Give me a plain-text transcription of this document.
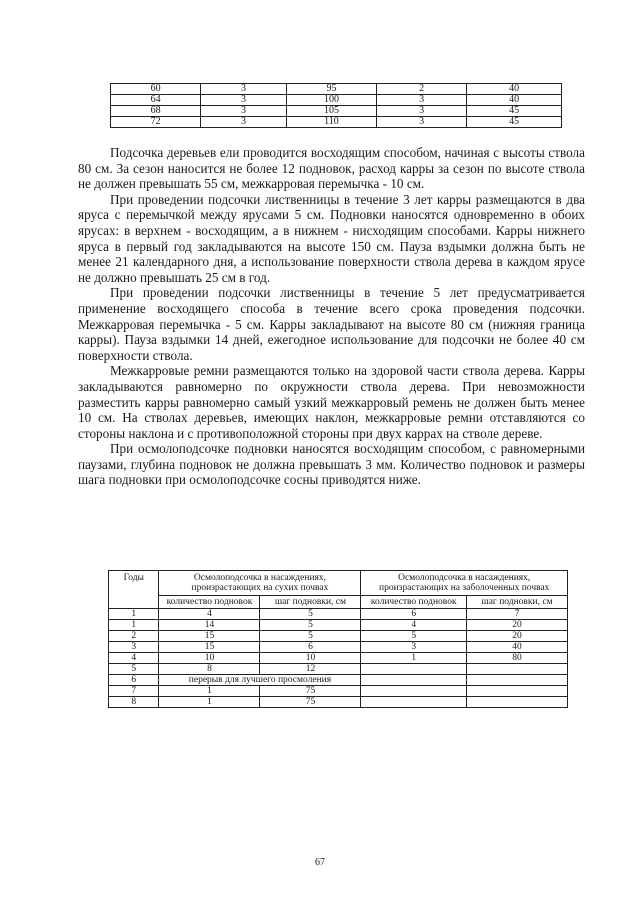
60	3	95	2	40
64	3	100	3	40
68	3	105	3	45
72	3	110	3	45

Подсочка деревьев ели проводится восходящим способом, начиная с высоты ствола 80 см. За сезон наносится не более 12 подновок, расход карры за сезон по высоте ствола не должен превышать 55 см, межкарровая перемычка - 10 см.

При проведении подсочки лиственницы в течение 3 лет карры размещаются в два яруса с перемычкой между ярусами 5 см. Подновки наносятся одновременно в обоих ярусах: в верхнем - восходящим, а в нижнем - нисходящим способами. Карры нижнего яруса в первый год закладываются на высоте 150 см. Пауза вздымки должна быть не менее 21 календарного дня, а использование поверхности ствола дерева в каждом ярусе не должно превышать 25 см в год.

При проведении подсочки лиственницы в течение 5 лет предусматривается применение восходящего способа в течение всего срока проведения подсочки. Межкарровая перемычка - 5 см. Карры закладывают на высоте 80 см (нижняя граница карры). Пауза вздымки 14 дней, ежегодное использование для подсочки не более 40 см поверхности ствола.

Межкарровые ремни размещаются только на здоровой части ствола дерева. Карры закладываются равномерно по окружности ствола дерева. При невозможности разместить карры равномерно самый узкий межкарровый ремень не должен быть менее 10 см. На стволах деревьев, имеющих наклон, межкарровые ремни отставляются со стороны наклона и с противоположной стороны при двух каррах на стволе дереве.

При осмолоподсочке подновки наносятся восходящим способом, с равномерными паузами, глубина подновок не должна превышать 3 мм. Количество подновок и размеры шага подновки при осмолоподсочке сосны приводятся ниже.

Годы	Осмолоподсочка в насаждениях, произрастающих на сухих почвах		Осмолоподсочка в насаждениях, произрастающих на заболоченных почвах	
	количество подновок	шаг подновки, см	количество подновок	шаг подновки, см
1	4	5	6	7
1	14	5	4	20
2	15	5	5	20
3	15	6	3	40
4	10	10	1	80
5	8	12		
6	перерыв для лучшего просмоления			
7	1	75		
8	1	75		
67
